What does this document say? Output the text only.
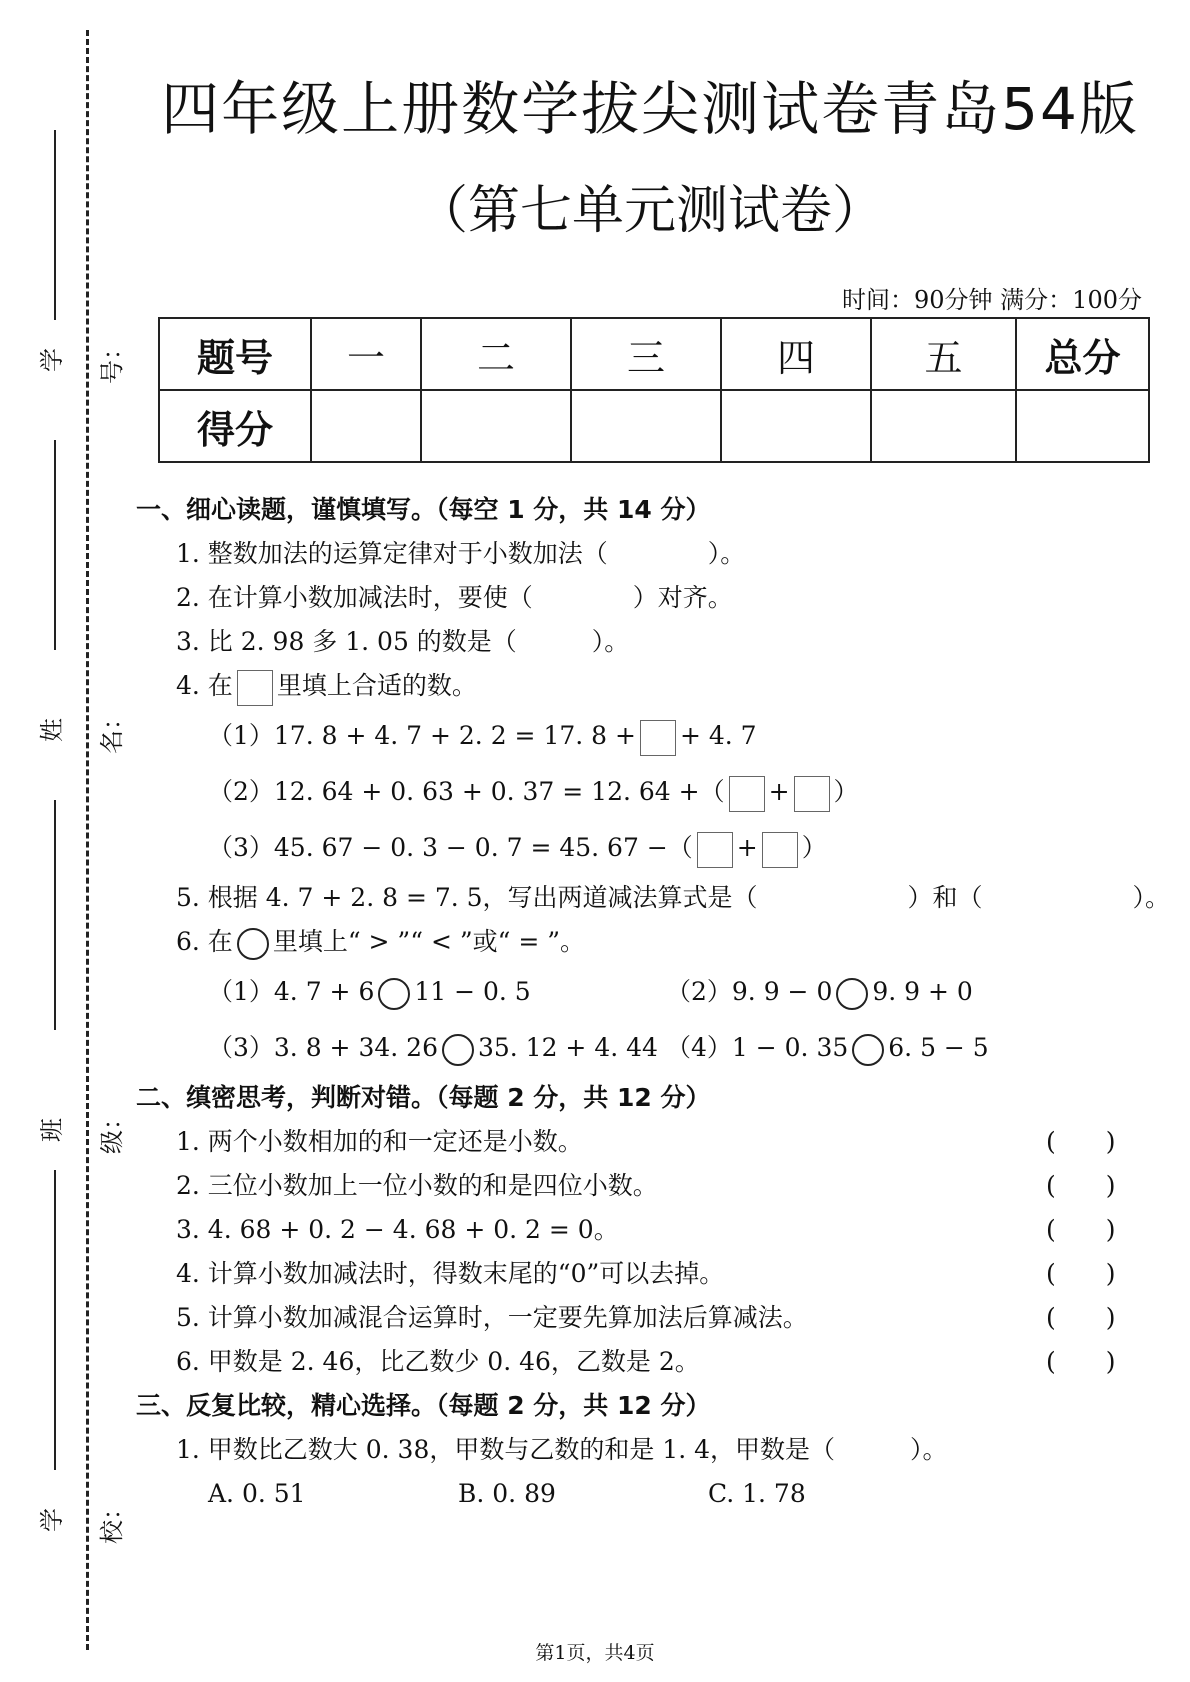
学号：
姓名：
班级：
学校：
四年级上册数学拔尖测试卷青岛54版
（第七单元测试卷）
时间：90分钟 满分：100分
题号	一	二	三	四	五	总分
得分						
一、细心读题，谨慎填写。（每空 1 分，共 14 分）
1. 整数加法的运算定律对于小数加法（　　　　）。
2. 在计算小数加减法时，要使（　　　　）对齐。
3. 比 2. 98 多 1. 05 的数是（　　　）。
4. 在 里填上合适的数。
（1）17. 8 + 4. 7 + 2. 2 = 17. 8 + + 4. 7
（2）12. 64 + 0. 63 + 0. 37 = 12. 64 +（ + ）
（3）45. 67 − 0. 3 − 0. 7 = 45. 67 −（ + ）
5. 根据 4. 7 + 2. 8 = 7. 5，写出两道减法算式是（　　　　　　）和（　　　　　　）。
6. 在 里填上“ > ”“ < ”或“ = ”。
（1）4. 7 + 6 11 − 0. 5	（2）9. 9 − 0 9. 9 + 0
（3）3. 8 + 34. 26 35. 12 + 4. 44 （4）1 − 0. 35 6. 5 − 5
二、缜密思考，判断对错。（每题 2 分，共 12 分）
1. 两个小数相加的和一定还是小数。	(　　)
2. 三位小数加上一位小数的和是四位小数。	(　　)
3. 4. 68 + 0. 2 − 4. 68 + 0. 2 = 0。	(　　)
4. 计算小数加减法时，得数末尾的“0”可以去掉。	(　　)
5. 计算小数加减混合运算时，一定要先算加法后算减法。	(　　)
6. 甲数是 2. 46，比乙数少 0. 46，乙数是 2。	(　　)
三、反复比较，精心选择。（每题 2 分，共 12 分）
1. 甲数比乙数大 0. 38，甲数与乙数的和是 1. 4，甲数是（　　　）。
A. 0. 51	B. 0. 89	C. 1. 78
第1页，共4页
